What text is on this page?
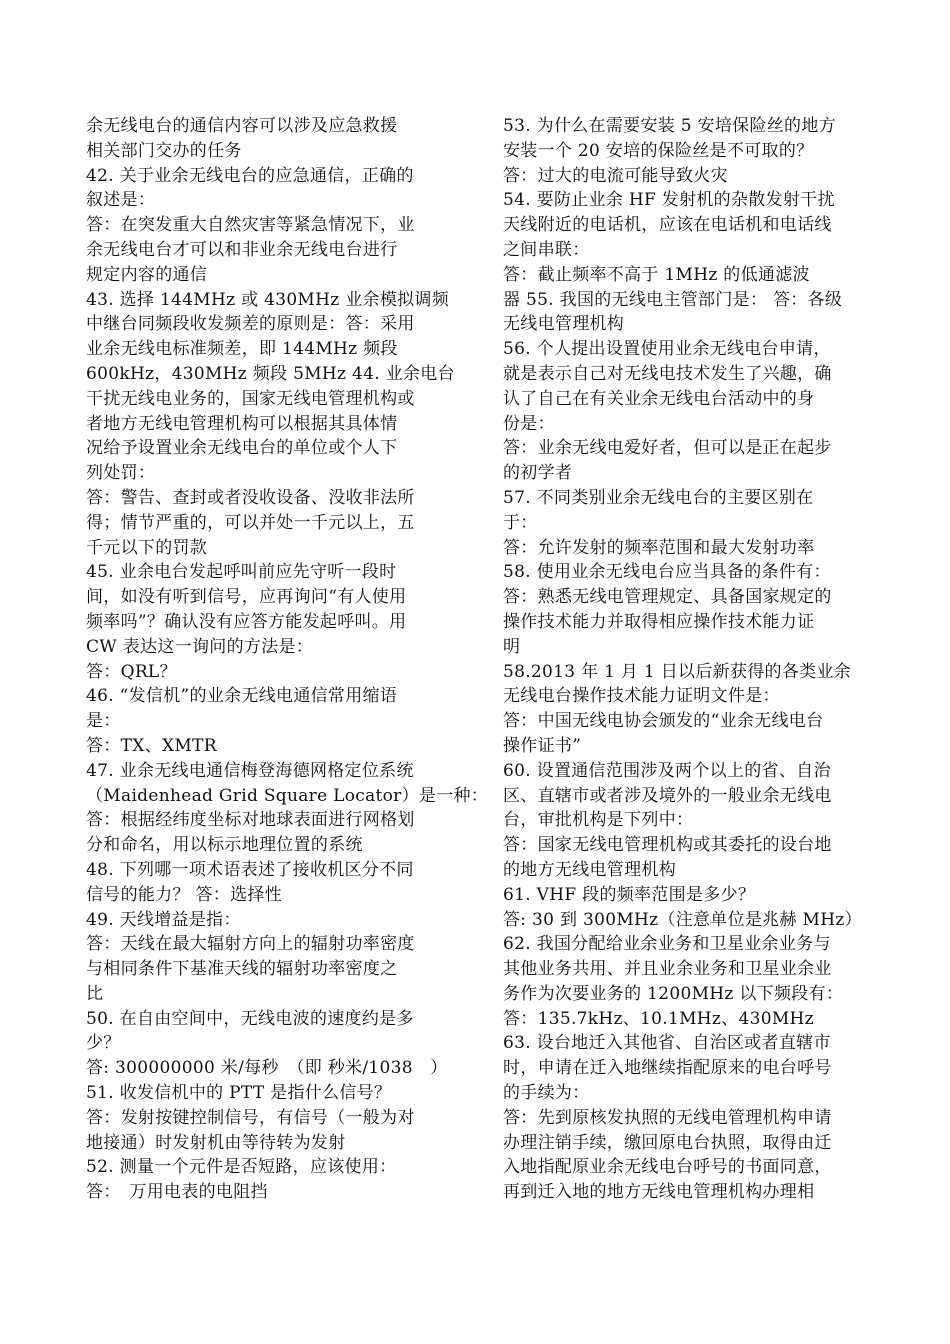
余无线电台的通信内容可以涉及应急救援
相关部门交办的任务
42. 关于业余无线电台的应急通信，正确的
叙述是：
答：在突发重大自然灾害等紧急情况下，业
余无线电台才可以和非业余无线电台进行
规定内容的通信
43. 选择 144MHz 或 430MHz 业余模拟调频
中继台同频段收发频差的原则是：答：采用
业余无线电标准频差，即 144MHz 频段
600kHz，430MHz 频段 5MHz 44. 业余电台
干扰无线电业务的，国家无线电管理机构或
者地方无线电管理机构可以根据其具体情
况给予设置业余无线电台的单位或个人下
列处罚：
答：警告、查封或者没收设备、没收非法所
得；情节严重的，可以并处一千元以上，五
千元以下的罚款
45. 业余电台发起呼叫前应先守听一段时
间，如没有听到信号，应再询问“有人使用
频率吗”？确认没有应答方能发起呼叫。用
CW 表达这一询问的方法是：
答：QRL？
46. “发信机”的业余无线电通信常用缩语
是：
答：TX、XMTR
47. 业余无线电通信梅登海德网格定位系统
（Maidenhead Grid Square Locator）是一种：
答：根据经纬度坐标对地球表面进行网格划
分和命名，用以标示地理位置的系统
48. 下列哪一项术语表述了接收机区分不同
信号的能力？ 答：选择性
49. 天线增益是指：
答：天线在最大辐射方向上的辐射功率密度
与相同条件下基准天线的辐射功率密度之
比
50. 在自由空间中，无线电波的速度约是多
少？
答: 300000000 米/每秒　（即 秒米/1038　）
51. 收发信机中的 PTT 是指什么信号？
答：发射按键控制信号，有信号（一般为对
地接通）时发射机由等待转为发射
52. 测量一个元件是否短路，应该使用：
答：　万用电表的电阻挡
53. 为什么在需要安装 5 安培保险丝的地方
安装一个 20 安培的保险丝是不可取的？
答：过大的电流可能导致火灾
54. 要防止业余 HF 发射机的杂散发射干扰
天线附近的电话机，应该在电话机和电话线
之间串联：
答：截止频率不高于 1MHz 的低通滤波
器 55. 我国的无线电主管部门是： 答：各级
无线电管理机构
56. 个人提出设置使用业余无线电台申请，
就是表示自己对无线电技术发生了兴趣，确
认了自己在有关业余无线电台活动中的身
份是：
答：业余无线电爱好者，但可以是正在起步
的初学者
57. 不同类别业余无线电台的主要区别在
于：
答：允许发射的频率范围和最大发射功率
58. 使用业余无线电台应当具备的条件有：
答：熟悉无线电管理规定、具备国家规定的
操作技术能力并取得相应操作技术能力证
明
58.2013 年 1 月 1 日以后新获得的各类业余
无线电台操作技术能力证明文件是：
答：中国无线电协会颁发的“业余无线电台
操作证书”
60. 设置通信范围涉及两个以上的省、自治
区、直辖市或者涉及境外的一般业余无线电
台，审批机构是下列中：
答：国家无线电管理机构或其委托的设台地
的地方无线电管理机构
61. VHF 段的频率范围是多少？
答: 30 到 300MHz（注意单位是兆赫 MHz）
62. 我国分配给业余业务和卫星业余业务与
其他业务共用、并且业余业务和卫星业余业
务作为次要业务的 1200MHz 以下频段有：
答：135.7kHz、10.1MHz、430MHz
63. 设台地迁入其他省、自治区或者直辖市
时，申请在迁入地继续指配原来的电台呼号
的手续为：
答：先到原核发执照的无线电管理机构申请
办理注销手续，缴回原电台执照，取得由迁
入地指配原业余无线电台呼号的书面同意，
再到迁入地的地方无线电管理机构办理相
